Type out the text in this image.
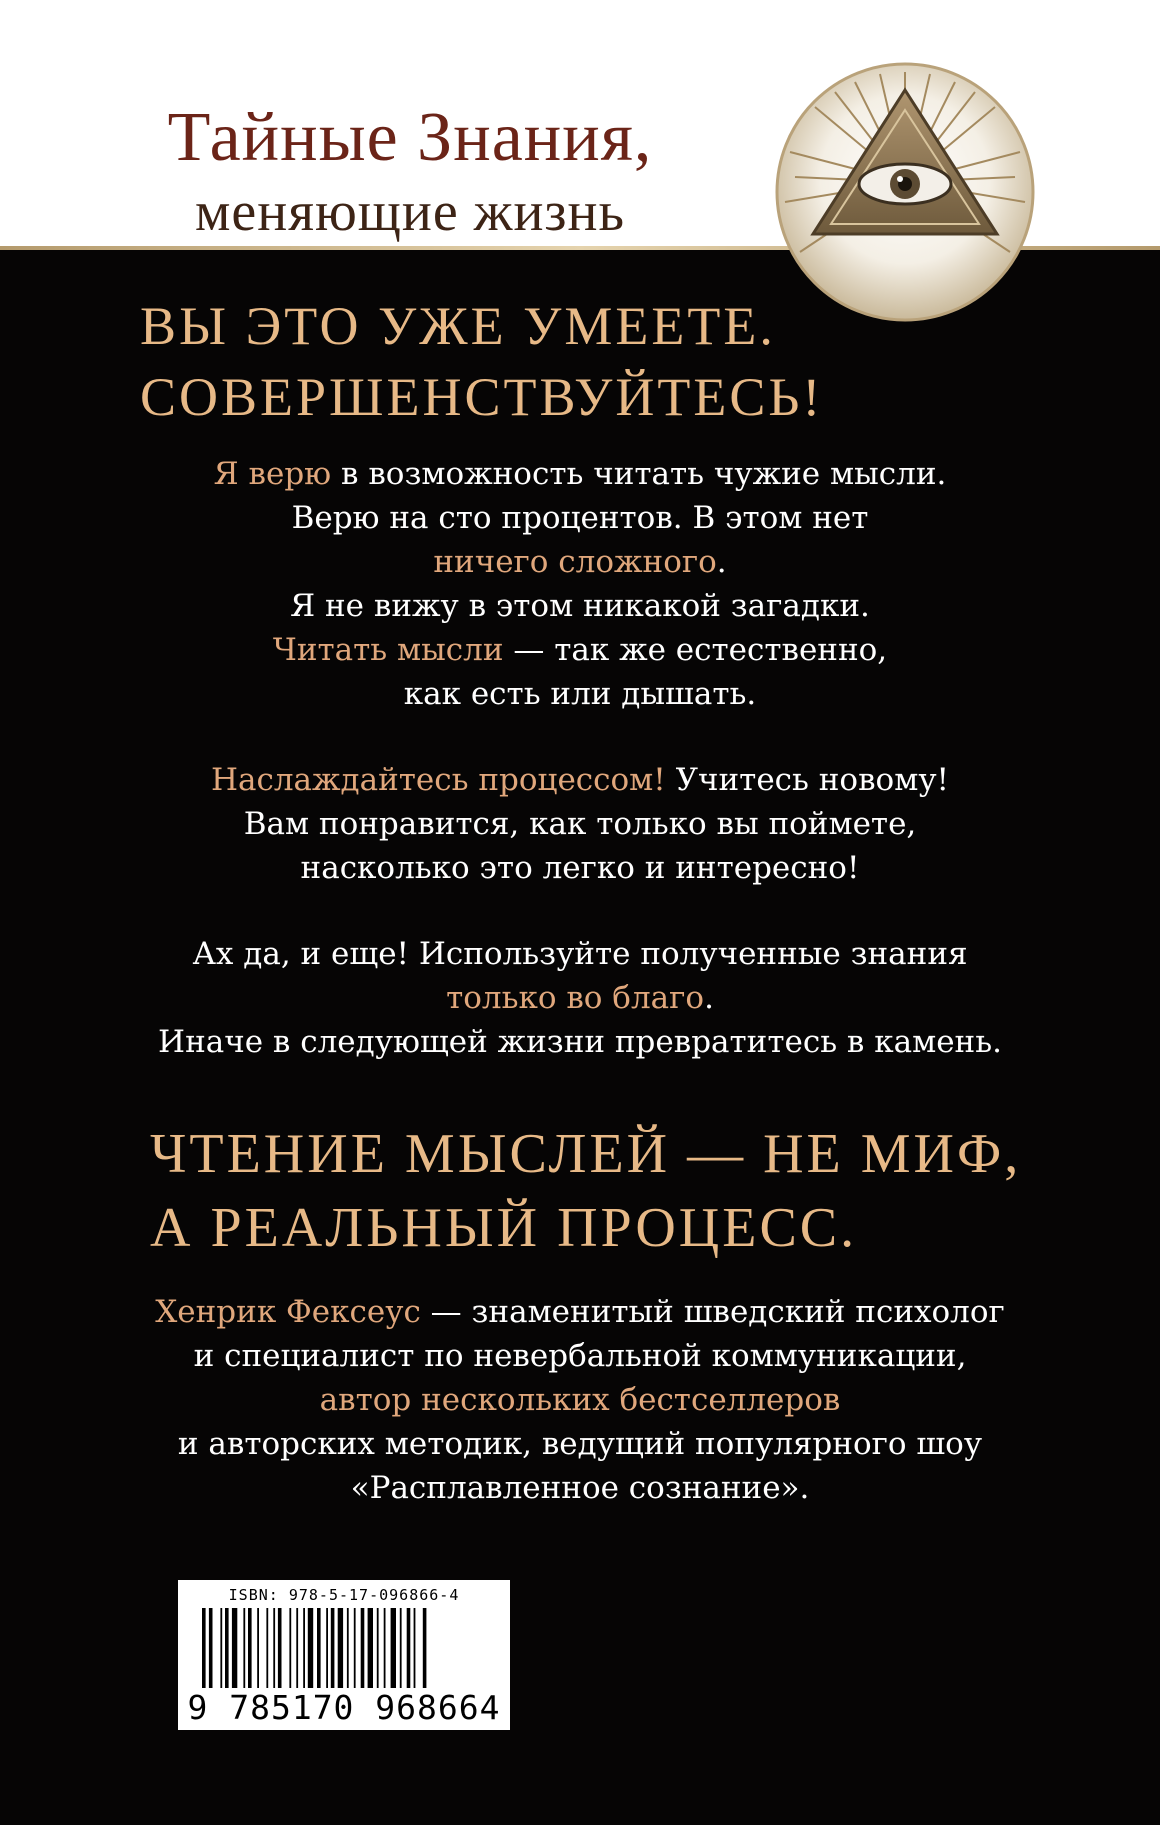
Тайные Знания,
меняющие жизнь
ВЫ ЭТО УЖЕ УМЕЕТЕ.
СОВЕРШЕНСТВУЙТЕСЬ!
Я верю в возможность читать чужие мысли.
Верю на сто процентов. В этом нет
ничего сложного.
Я не вижу в этом никакой загадки.
Читать мысли — так же естественно,
как есть или дышать.
Наслаждайтесь процессом! Учитесь новому!
Вам понравится, как только вы поймете,
насколько это легко и интересно!
Ах да, и еще! Используйте полученные знания
только во благо.
Иначе в следующей жизни превратитесь в камень.
ЧТЕНИЕ МЫСЛЕЙ — НЕ МИФ,
А РЕАЛЬНЫЙ ПРОЦЕСС.
Хенрик Фексеус — знаменитый шведский психолог
и специалист по невербальной коммуникации,
автор нескольких бестселлеров
и авторских методик, ведущий популярного шоу
«Расплавленное сознание».
ISBN: 978-5-17-096866-4
9 785170 968664
